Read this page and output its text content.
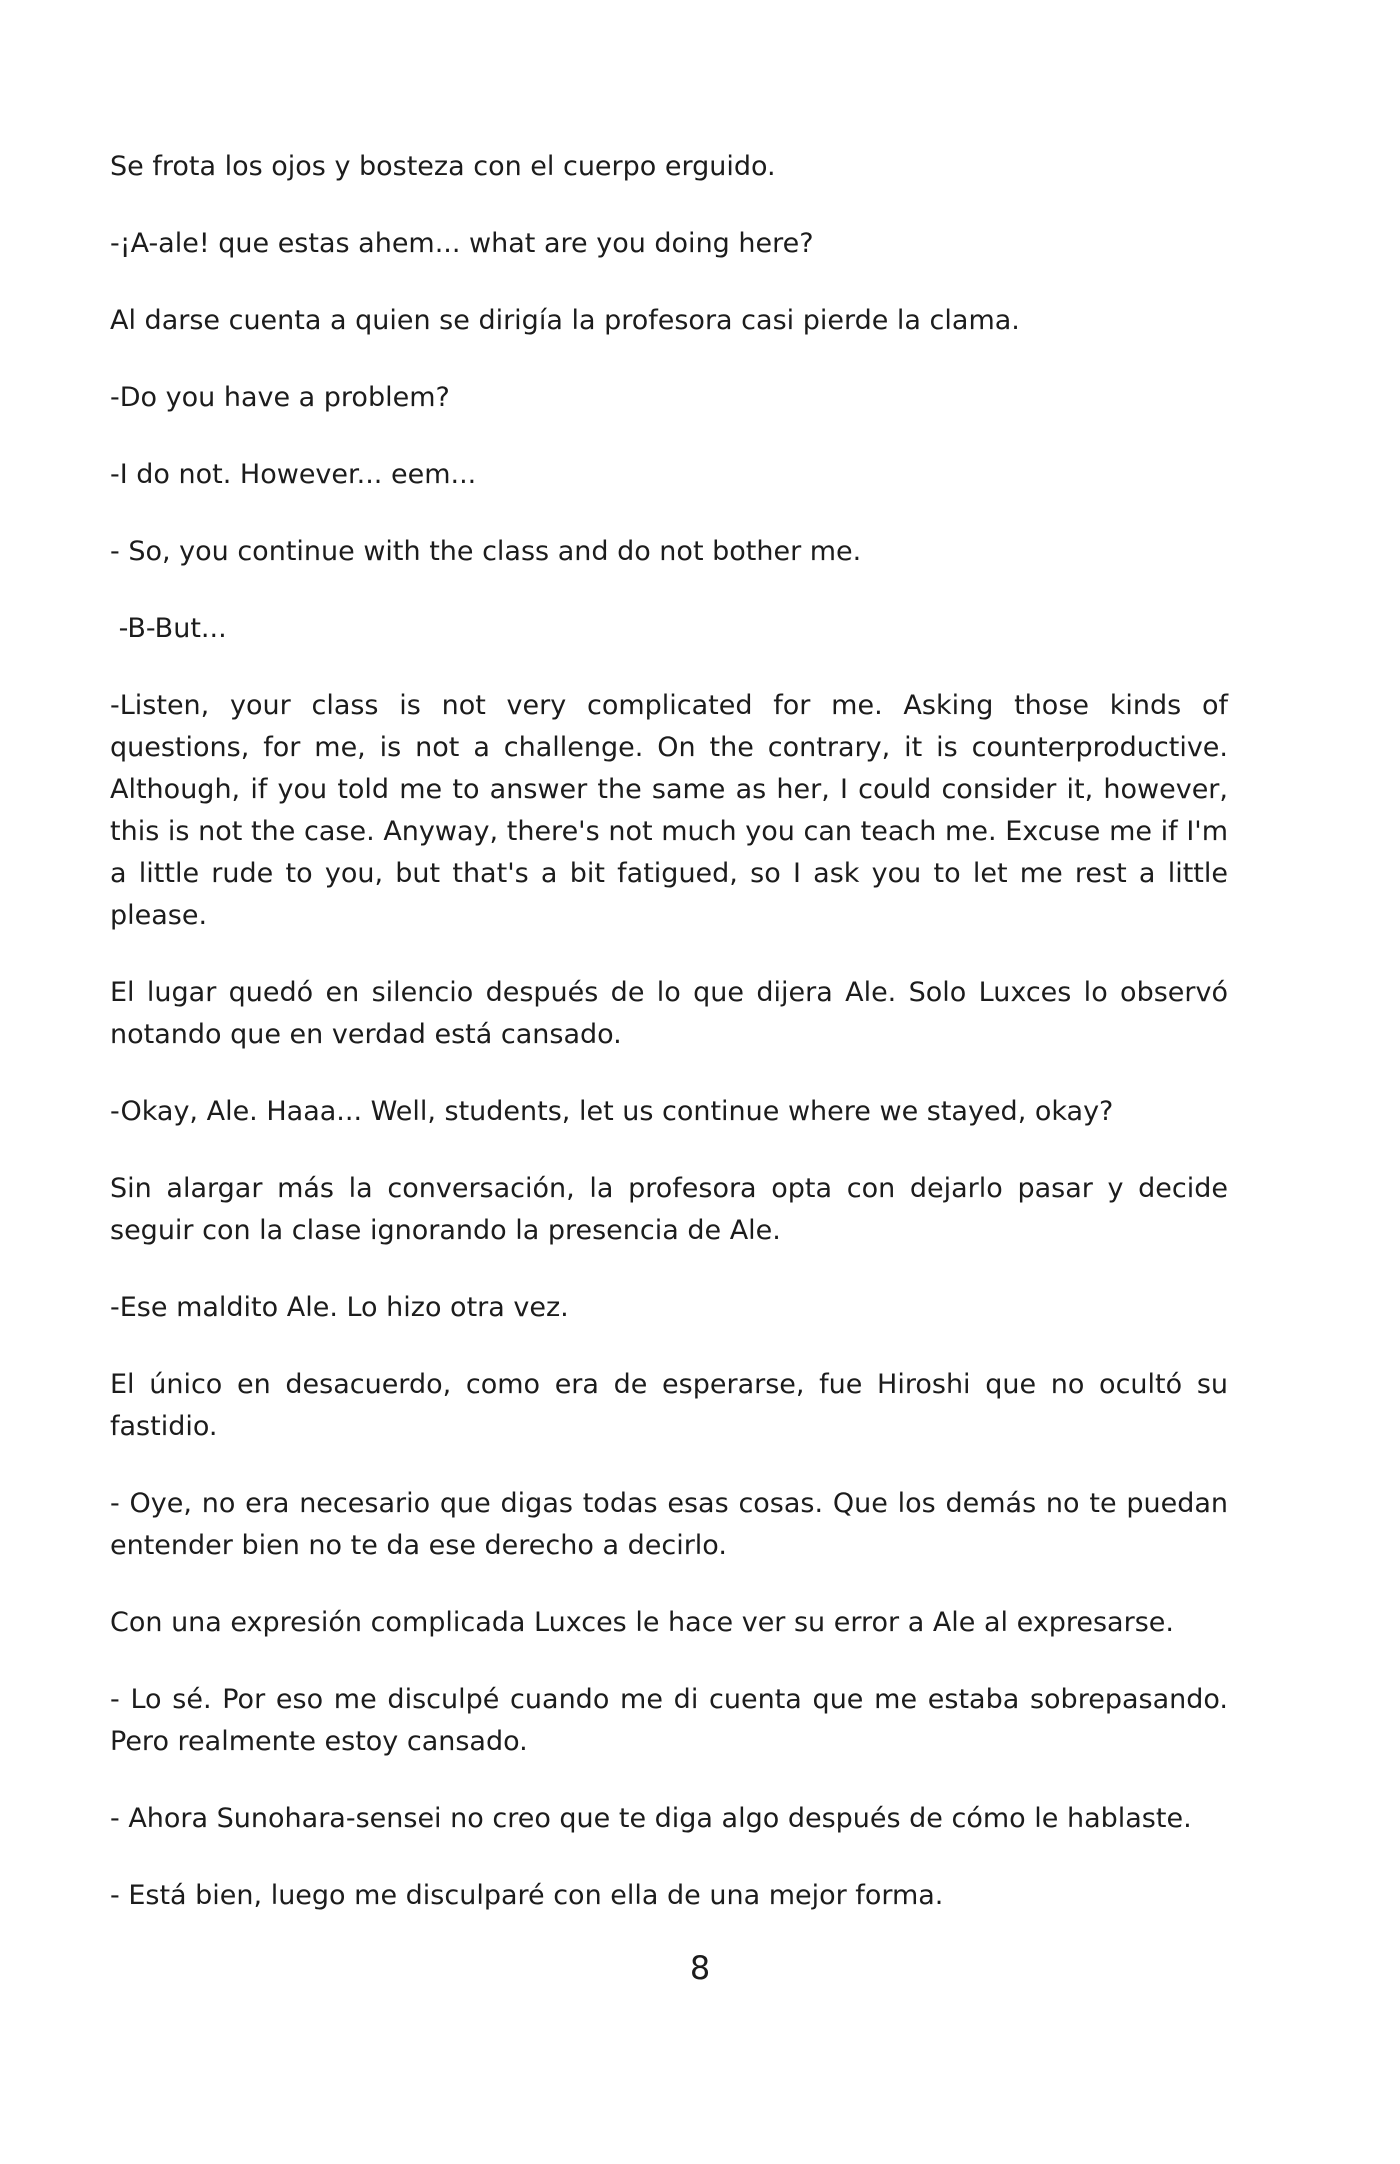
Se frota los ojos y bosteza con el cuerpo erguido.

-¡A-ale! que estas ahem... what are you doing here?

Al darse cuenta a quien se dirigía la profesora casi pierde la clama.

-Do you have a problem?

-I do not. However... eem...

- So, you continue with the class and do not bother me.

-B-But...

-Listen, your class is not very complicated for me. Asking those kinds of questions, for me, is not a challenge. On the contrary, it is counterproductive. Although, if you told me to answer the same as her, I could consider it, however, this is not the case. Anyway, there's not much you can teach me. Excuse me if I'm a little rude to you, but that's a bit fatigued, so I ask you to let me rest a little please.

El lugar quedó en silencio después de lo que dijera Ale. Solo Luxces lo observó notando que en verdad está cansado.

-Okay, Ale. Haaa... Well, students, let us continue where we stayed, okay?

Sin alargar más la conversación, la profesora opta con dejarlo pasar y decide seguir con la clase ignorando la presencia de Ale.

-Ese maldito Ale. Lo hizo otra vez.

El único en desacuerdo, como era de esperarse, fue Hiroshi que no ocultó su fastidio.

- Oye, no era necesario que digas todas esas cosas. Que los demás no te puedan entender bien no te da ese derecho a decirlo.

Con una expresión complicada Luxces le hace ver su error a Ale al expresarse.

- Lo sé. Por eso me disculpé cuando me di cuenta que me estaba sobrepasando. Pero realmente estoy cansado.

- Ahora Sunohara-sensei no creo que te diga algo después de cómo le hablaste.

- Está bien, luego me disculparé con ella de una mejor forma.

8
